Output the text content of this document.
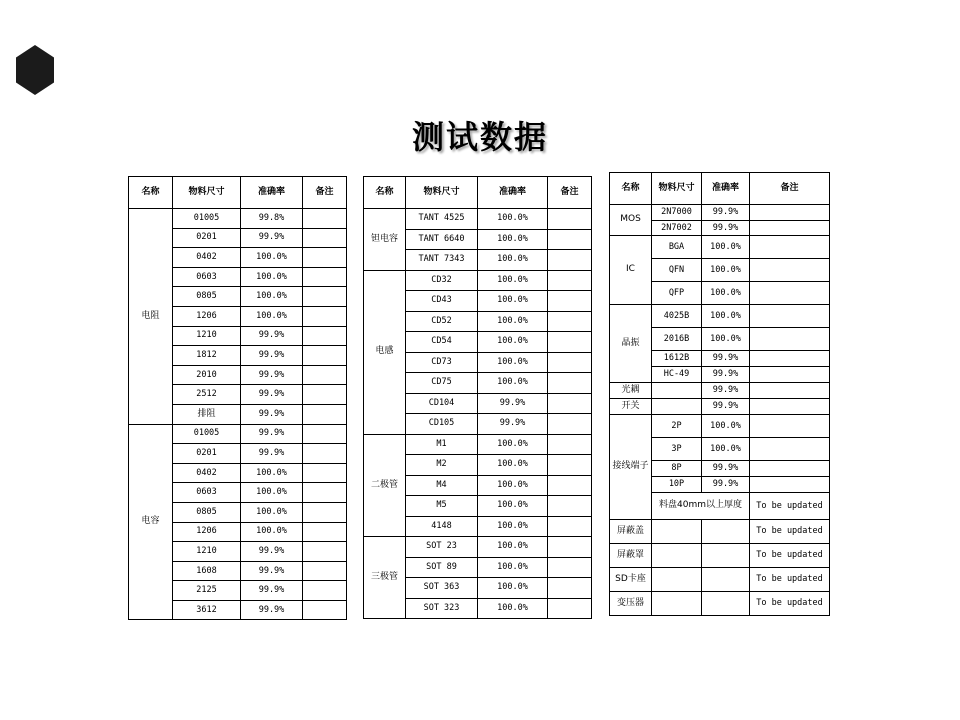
测试数据
名称	物料尺寸	准确率	备注
电阻	01005	99.8%	
	0201	99.9%	
	0402	100.0%	
	0603	100.0%	
	0805	100.0%	
	1206	100.0%	
	1210	99.9%	
	1812	99.9%	
	2010	99.9%	
	2512	99.9%	
	排阻	99.9%	
电容	01005	99.9%	
	0201	99.9%	
	0402	100.0%	
	0603	100.0%	
	0805	100.0%	
	1206	100.0%	
	1210	99.9%	
	1608	99.9%	
	2125	99.9%	
	3612	99.9%	
名称	物料尺寸	准确率	备注
钽电容	TANT 4525	100.0%	
	TANT 6640	100.0%	
	TANT 7343	100.0%	
电感	CD32	100.0%	
	CD43	100.0%	
	CD52	100.0%	
	CD54	100.0%	
	CD73	100.0%	
	CD75	100.0%	
	CD104	99.9%	
	CD105	99.9%	
二极管	M1	100.0%	
	M2	100.0%	
	M4	100.0%	
	M5	100.0%	
	4148	100.0%	
三极管	SOT 23	100.0%	
	SOT 89	100.0%	
	SOT 363	100.0%	
	SOT 323	100.0%	
名称	物料尺寸	准确率	备注
MOS	2N7000	99.9%	
	2N7002	99.9%	
IC	BGA	100.0%	
	QFN	100.0%	
	QFP	100.0%	
晶振	4025B	100.0%	
	2016B	100.0%	
	1612B	99.9%	
	HC-49	99.9%	
光耦		99.9%	
开关		99.9%	
接线端子	2P	100.0%	
	3P	100.0%	
	8P	99.9%	
	10P	99.9%	
	料盘40mm以上厚度		To be updated
屏蔽盖			To be updated
屏蔽罩			To be updated
SD卡座			To be updated
变压器			To be updated
